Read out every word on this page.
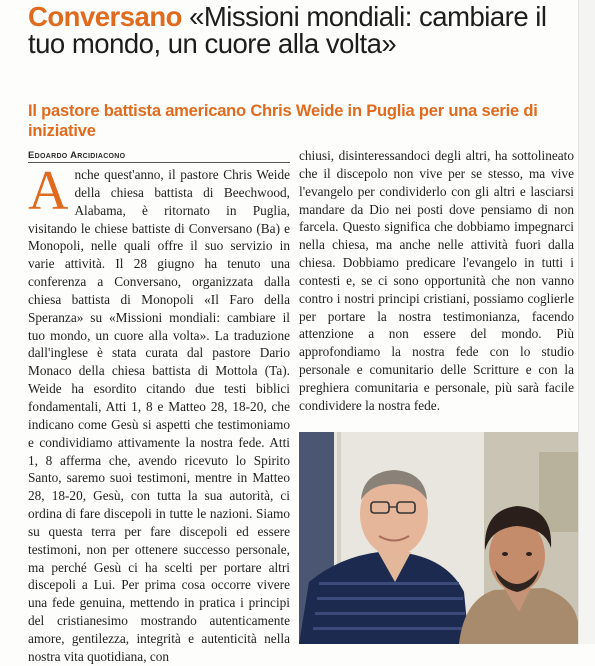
Conversano «Missioni mondiali: cambiare il tuo mondo, un cuore alla volta»
Il pastore battista americano Chris Weide in Puglia per una serie di iniziative
Edoardo Arcidiacono

Anche quest'anno, il pastore Chris Weide della chiesa battista di Beechwood, Alabama, è ritornato in Puglia, visitando le chiese battiste di Conversano (Ba) e Monopoli, nelle quali offre il suo servizio in varie attività. Il 28 giugno ha tenuto una conferenza a Conversano, organizzata dalla chiesa battista di Monopoli «Il Faro della Speranza» su «Missioni mondiali: cambiare il tuo mondo, un cuore alla volta». La traduzione dall'inglese è stata curata dal pastore Dario Monaco della chiesa battista di Mottola (Ta). Weide ha esordito citando due testi biblici fondamentali, Atti 1, 8 e Matteo 28, 18-20, che indicano come Gesù si aspetti che testimoniamo e condividiamo attivamente la nostra fede. Atti 1, 8 afferma che, avendo ricevuto lo Spirito Santo, saremo suoi testimoni, mentre in Matteo 28, 18-20, Gesù, con tutta la sua autorità, ci ordina di fare discepoli in tutte le nazioni. Siamo su questa terra per fare discepoli ed essere testimoni, non per ottenere successo personale, ma perché Gesù ci ha scelti per portare altri discepoli a Lui. Per prima cosa occorre vivere una fede genuina, mettendo in pratica i principi del cristianesimo mostrando autenticamente amore, gentilezza, integrità e autenticità nella nostra vita quotidiana, con

chiusi, disinteressandoci degli altri, ha sottolineato che il discepolo non vive per se stesso, ma vive l'evangelo per condividerlo con gli altri e lasciarsi mandare da Dio nei posti dove pensiamo di non farcela. Questo significa che dobbiamo impegnarci nella chiesa, ma anche nelle attività fuori dalla chiesa. Dobbiamo predicare l'evangelo in tutti i contesti e, se ci sono opportunità che non vanno contro i nostri principi cristiani, possiamo coglierle per portare la nostra testimonianza, facendo attenzione a non essere del mondo. Più approfondiamo la nostra fede con lo studio personale e comunitario delle Scritture e con la preghiera comunitaria e personale, più sarà facile condividere la nostra fede.
